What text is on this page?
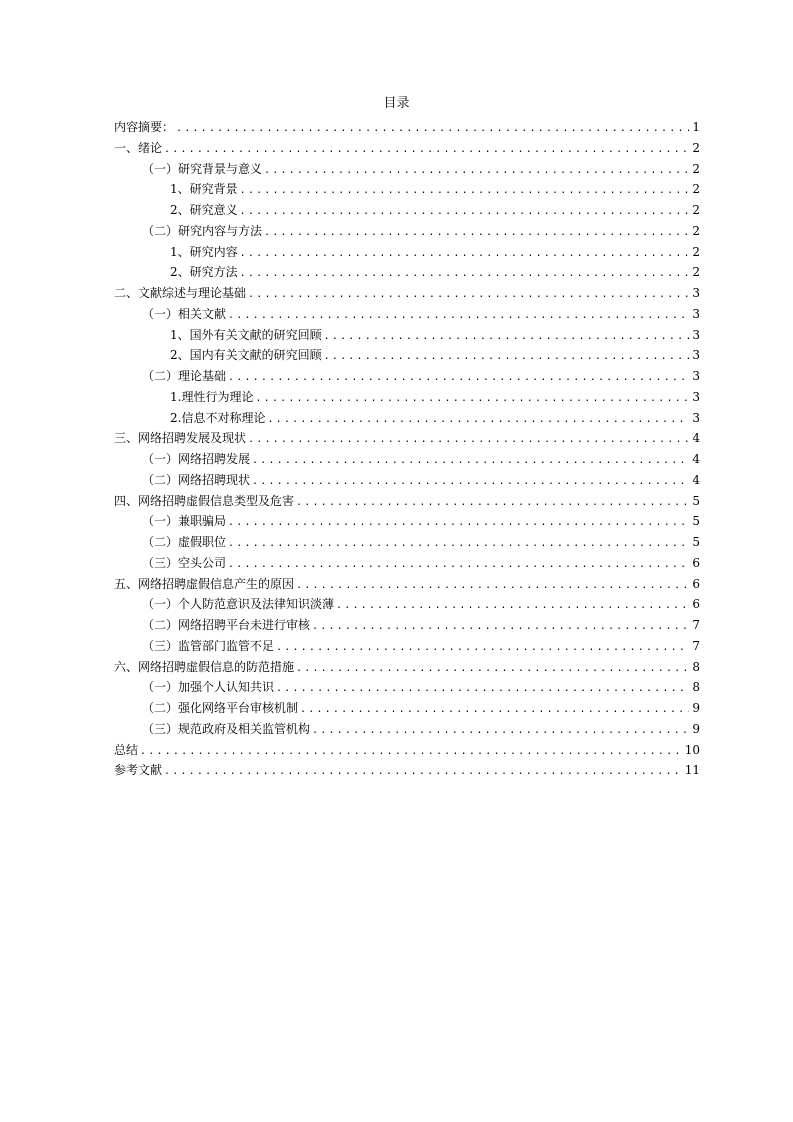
目录
内容摘要： .....	1
一、绪论 .....	2
（一）研究背景与意义 .....	2
1、研究背景 .....	2
2、研究意义 .....	2
（二）研究内容与方法 .....	2
1、研究内容 .....	2
2、研究方法 .....	2
二、文献综述与理论基础 .....	3
（一）相关文献 .....	3
1、国外有关文献的研究回顾 .....	3
2、国内有关文献的研究回顾 .....	3
（二）理论基础 .....	3
1.理性行为理论 .....	3
2.信息不对称理论 .....	3
三、网络招聘发展及现状 .....	4
（一）网络招聘发展 .....	4
（二）网络招聘现状 .....	4
四、网络招聘虚假信息类型及危害 .....	5
（一）兼职骗局 .....	5
（二）虚假职位 .....	5
（三）空头公司 .....	6
五、网络招聘虚假信息产生的原因 .....	6
（一）个人防范意识及法律知识淡薄 .....	6
（二）网络招聘平台未进行审核 .....	7
（三）监管部门监管不足 .....	7
六、网络招聘虚假信息的防范措施 .....	8
（一）加强个人认知共识 .....	8
（二）强化网络平台审核机制 .....	9
（三）规范政府及相关监管机构 .....	9
总结 .....	10
参考文献 .....	11
